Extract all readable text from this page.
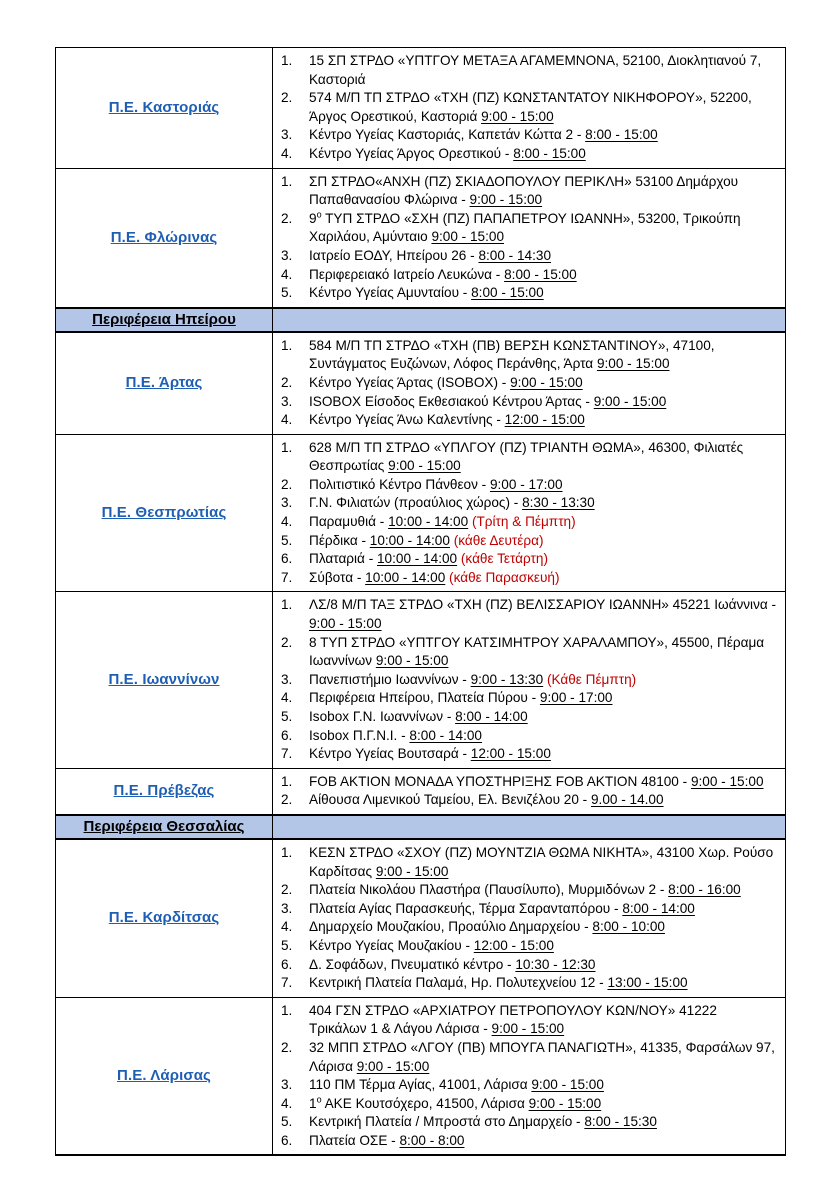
Π.Ε. Καστοριάς	
1.	15 ΣΠ ΣΤΡΔΟ «ΥΠΤΓΟΥ ΜΕΤΑΞΑ ΑΓΑΜΕΜΝΟΝΑ, 52100, Διοκλητιανού 7, Καστοριά
2.	574 Μ/Π ΤΠ ΣΤΡΔΟ «ΤΧΗ (ΠΖ) ΚΩΝΣΤΑΝΤΑΤΟΥ ΝΙΚΗΦΟΡΟΥ», 52200, Άργος Ορεστικού, Καστοριά 9:00 - 15:00
3.	Κέντρο Υγείας Καστοριάς, Καπετάν Κώττα 2 - 8:00 - 15:00
4.	Κέντρο Υγείας Άργος Ορεστικού - 8:00 - 15:00

Π.Ε. Φλώρινας	
1.	ΣΠ ΣΤΡΔΟ«ΑΝΧΗ (ΠΖ) ΣΚΙΑΔΟΠΟΥΛΟΥ ΠΕΡΙΚΛΗ» 53100 Δημάρχου Παπαθανασίου Φλώρινα - 9:00 - 15:00
2.	$9^o$ ΤΥΠ ΣΤΡΔΟ «ΣΧΗ (ΠΖ) ΠΑΠΑΠΕΤΡΟΥ ΙΩΑΝΝΗ», 53200, Τρικούπη Χαριλάου, Αμύνταιο 9:00 - 15:00
3.	Ιατρείο ΕΟΔΥ, Ηπείρου 26 - 8:00 - 14:30
4.	Περιφερειακό Ιατρείο Λευκώνα - 8:00 - 15:00
5.	Κέντρο Υγείας Αμυνταίου - 8:00 - 15:00

Περιφέρεια Ηπείρου	

Π.Ε. Άρτας	
1.	584 Μ/Π ΤΠ ΣΤΡΔΟ «ΤΧΗ (ΠΒ) ΒΕΡΣΗ ΚΩΝΣΤΑΝΤΙΝΟΥ», 47100, Συντάγματος Ευζώνων, Λόφος Περάνθης, Άρτα 9:00 - 15:00
2.	Κέντρο Υγείας Άρτας (ISOBOX) - 9:00 - 15:00
3.	ISOBOX Είσοδος Εκθεσιακού Κέντρου Άρτας - 9:00 - 15:00
4.	Κέντρο Υγείας Άνω Καλεντίνης - 12:00 - 15:00

Π.Ε. Θεσπρωτίας	
1.	628 Μ/Π ΤΠ ΣΤΡΔΟ «ΥΠΛΓΟΥ (ΠΖ) ΤΡΙΑΝΤΗ ΘΩΜΑ», 46300, Φιλιατές Θεσπρωτίας 9:00 - 15:00
2.	Πολιτιστικό Κέντρο Πάνθεον - 9:00 - 17:00
3.	Γ.Ν. Φιλιατών (προαύλιος χώρος) - 8:30 - 13:30
4.	Παραμυθιά - 10:00 - 14:00 (Τρίτη & Πέμπτη)
5.	Πέρδικα - 10:00 - 14:00 (κάθε Δευτέρα)
6.	Πλαταριά - 10:00 - 14:00 (κάθε Τετάρτη)
7.	Σύβοτα - 10:00 - 14:00 (κάθε Παρασκευή)

Π.Ε. Ιωαννίνων	
1.	ΛΣ/8 Μ/Π ΤΑΞ ΣΤΡΔΟ «ΤΧΗ (ΠΖ) ΒΕΛΙΣΣΑΡΙΟΥ ΙΩΑΝΝΗ» 45221 Ιωάννινα - 9:00 - 15:00
2.	8 ΤΥΠ ΣΤΡΔΟ «ΥΠΤΓΟΥ ΚΑΤΣΙΜΗΤΡΟΥ ΧΑΡΑΛΑΜΠΟΥ», 45500, Πέραμα Ιωαννίνων 9:00 - 15:00
3.	Πανεπιστήμιο Ιωαννίνων - 9:00 - 13:30 (Κάθε Πέμπτη)
4.	Περιφέρεια Ηπείρου, Πλατεία Πύρου - 9:00 - 17:00
5.	Isobox Γ.Ν. Ιωαννίνων - 8:00 - 14:00
6.	Isobox Π.Γ.Ν.Ι. - 8:00 - 14:00
7.	Κέντρο Υγείας Βουτσαρά - 12:00 - 15:00

Π.Ε. Πρέβεζας	1. FOB AKTION ΜΟΝΑΔΑ ΥΠΟΣΤΗΡΙΞΗΣ FOB AKTION 48100 - 9:00 - 15:00
2. Αίθουσα Λιμενικού Ταμείου, Ελ. Βενιζέλου 20 - 9.00 - 14.00

Περιφέρεια Θεσσαλίας	

Π.Ε. Καρδίτσας	
1.	ΚΕΣΝ ΣΤΡΔΟ «ΣΧΟΥ (ΠΖ) ΜΟΥΝΤΖΙΑ ΘΩΜΑ ΝΙΚΗΤΑ», 43100 Χωρ. Ρούσο Καρδίτσας 9:00 - 15:00
2.	Πλατεία Νικολάου Πλαστήρα (Παυσίλυπο), Μυρμιδόνων 2 - 8:00 - 16:00
3.	Πλατεία Αγίας Παρασκευής, Τέρμα Σαρανταπόρου - 8:00 - 14:00
4.	Δημαρχείο Μουζακίου, Προαύλιο Δημαρχείου - 8:00 - 10:00
5.	Κέντρο Υγείας Μουζακίου - 12:00 - 15:00
6.	Δ. Σοφάδων, Πνευματικό κέντρο - 10:30 - 12:30
7.	Κεντρική Πλατεία Παλαμά, Ηρ. Πολυτεχνείου 12 - 13:00 - 15:00

Π.Ε. Λάρισας	
1.	404 ΓΣΝ ΣΤΡΔΟ «ΑΡΧΙΑΤΡΟΥ ΠΕΤΡΟΠΟΥΛΟΥ ΚΩΝ/ΝΟΥ» 41222 Τρικάλων 1 & Λάγου Λάρισα - 9:00 - 15:00
2.	32 ΜΠΠ ΣΤΡΔΟ «ΛΓΟΥ (ΠΒ) ΜΠΟΥΓΑ ΠΑΝΑΓΙΩΤΗ», 41335, Φαρσάλων 97, Λάρισα 9:00 - 15:00
3.	110 ΠΜ Τέρμα Αγίας, 41001, Λάρισα 9:00 - 15:00
4.	$1^o$ ΑΚΕ Κουτσόχερο, 41500, Λάρισα 9:00 - 15:00
5.	Κεντρική Πλατεία / Μπροστά στο Δημαρχείο - 8:00 - 15:30
6.	Πλατεία ΟΣΕ - 8:00 - 8:00
